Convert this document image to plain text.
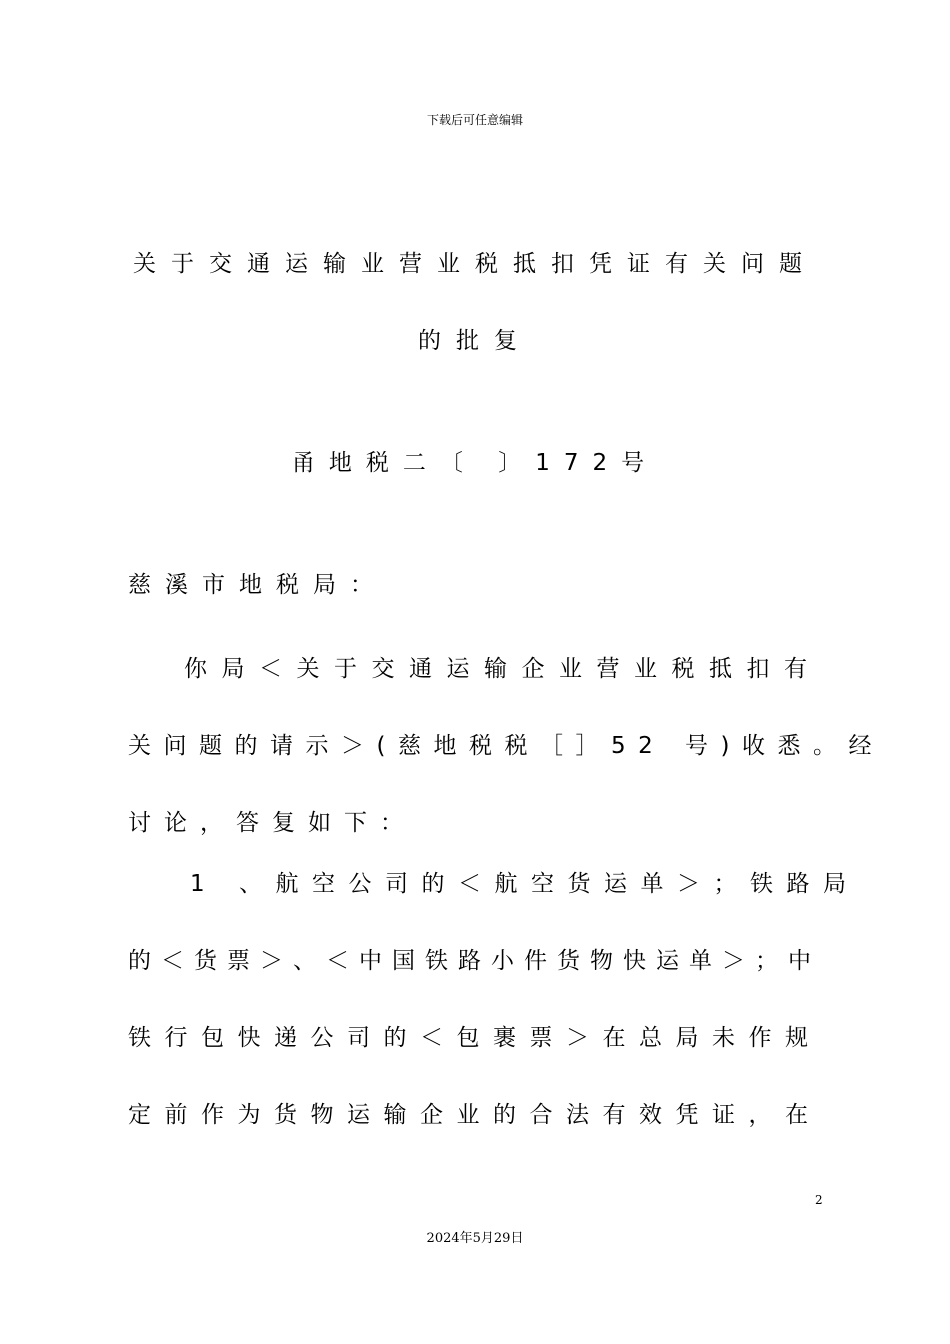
下载后可任意编辑
关于交通运输业营业税抵扣凭证有关问题
的批复
甬地税二〔 〕172号
慈溪市地税局：
你局＜关于交通运输企业营业税抵扣有
关问题的请示＞(慈地税税［］52 号)收悉。经
讨论，答复如下：
1 、航空公司的＜航空货运单＞；铁路局
的＜货票＞、＜中国铁路小件货物快运单＞；中
铁行包快递公司的＜包裹票＞在总局未作规
定前作为货物运输企业的合法有效凭证，在
2
2024年5月29日
